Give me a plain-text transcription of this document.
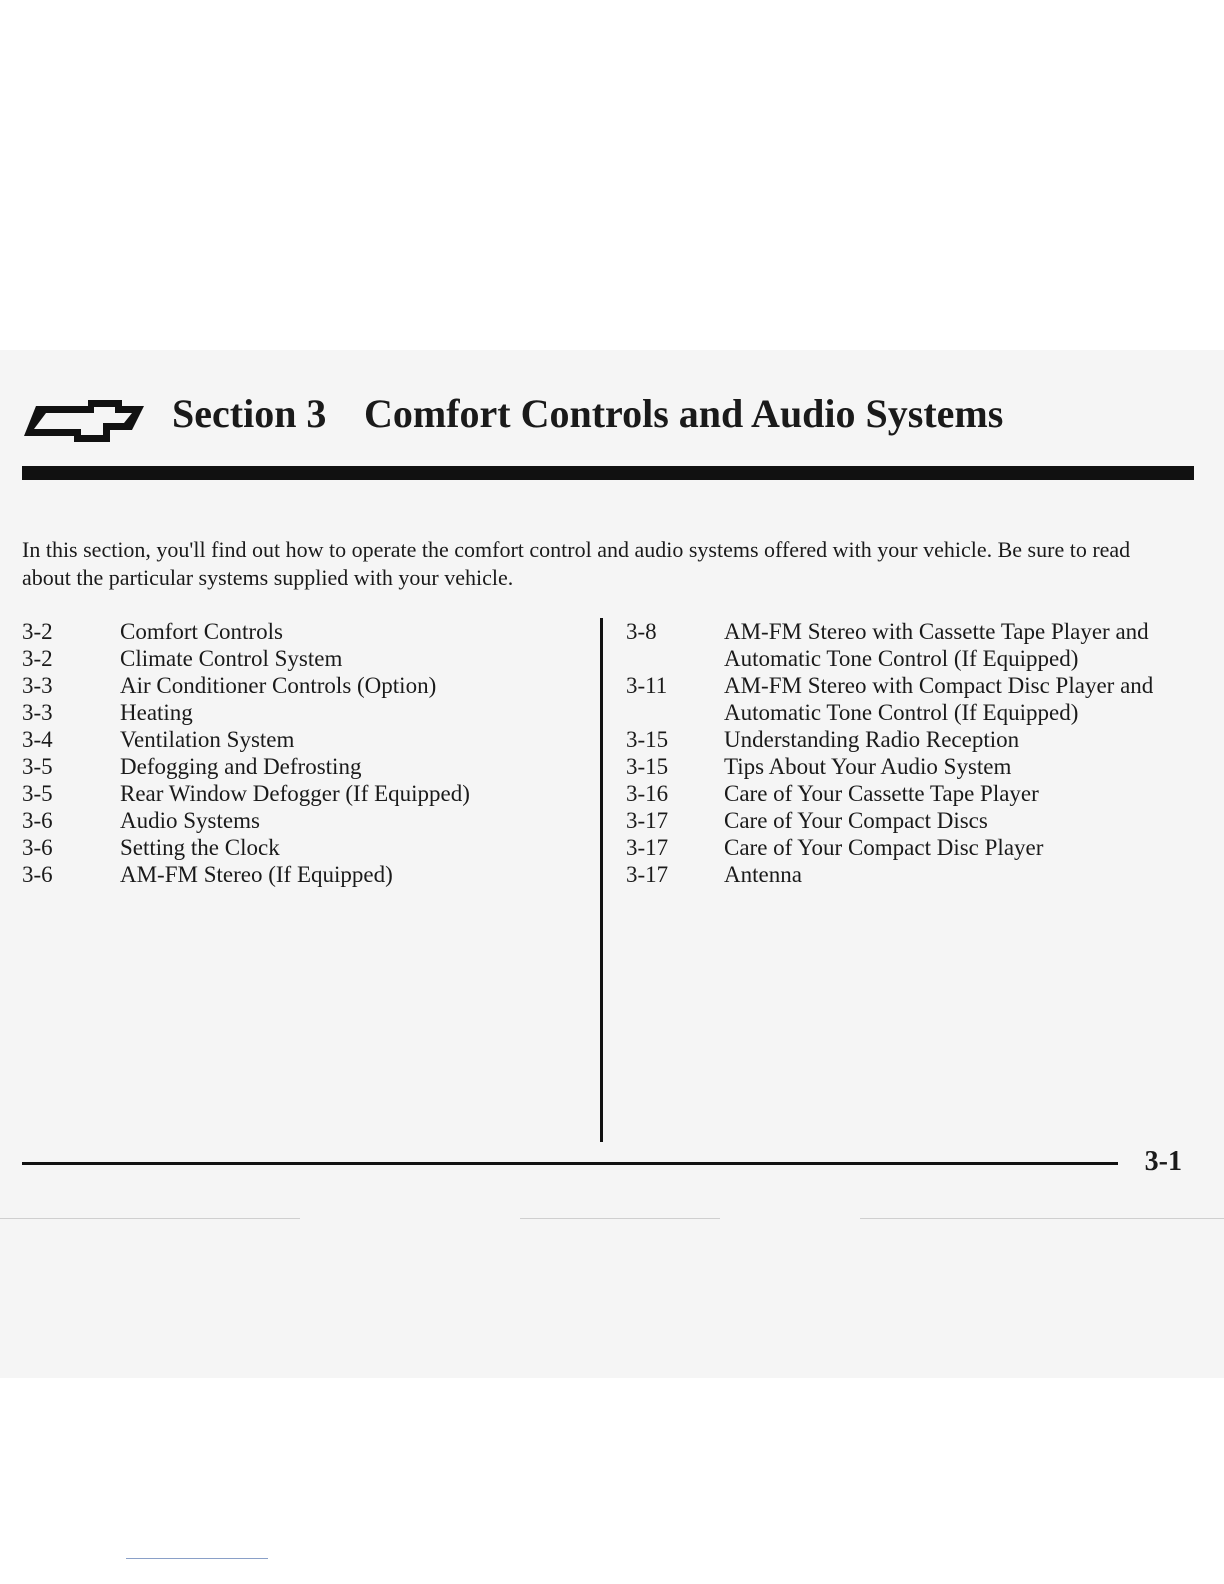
Section 3 Comfort Controls and Audio Systems
In this section, you'll find out how to operate the comfort control and audio systems offered with your vehicle. Be sure to read about the particular systems supplied with your vehicle.
3-2	Comfort Controls
3-2	Climate Control System
3-3	Air Conditioner Controls (Option)
3-3	Heating
3-4	Ventilation System
3-5	Defogging and Defrosting
3-5	Rear Window Defogger (If Equipped)
3-6	Audio Systems
3-6	Setting the Clock
3-6	AM-FM Stereo (If Equipped)
3-8	AM-FM Stereo with Cassette Tape Player and
Automatic Tone Control (If Equipped)
3-11	AM-FM Stereo with Compact Disc Player and
Automatic Tone Control (If Equipped)
3-15	Understanding Radio Reception
3-15	Tips About Your Audio System
3-16	Care of Your Cassette Tape Player
3-17	Care of Your Compact Discs
3-17	Care of Your Compact Disc Player
3-17	Antenna
3-1
